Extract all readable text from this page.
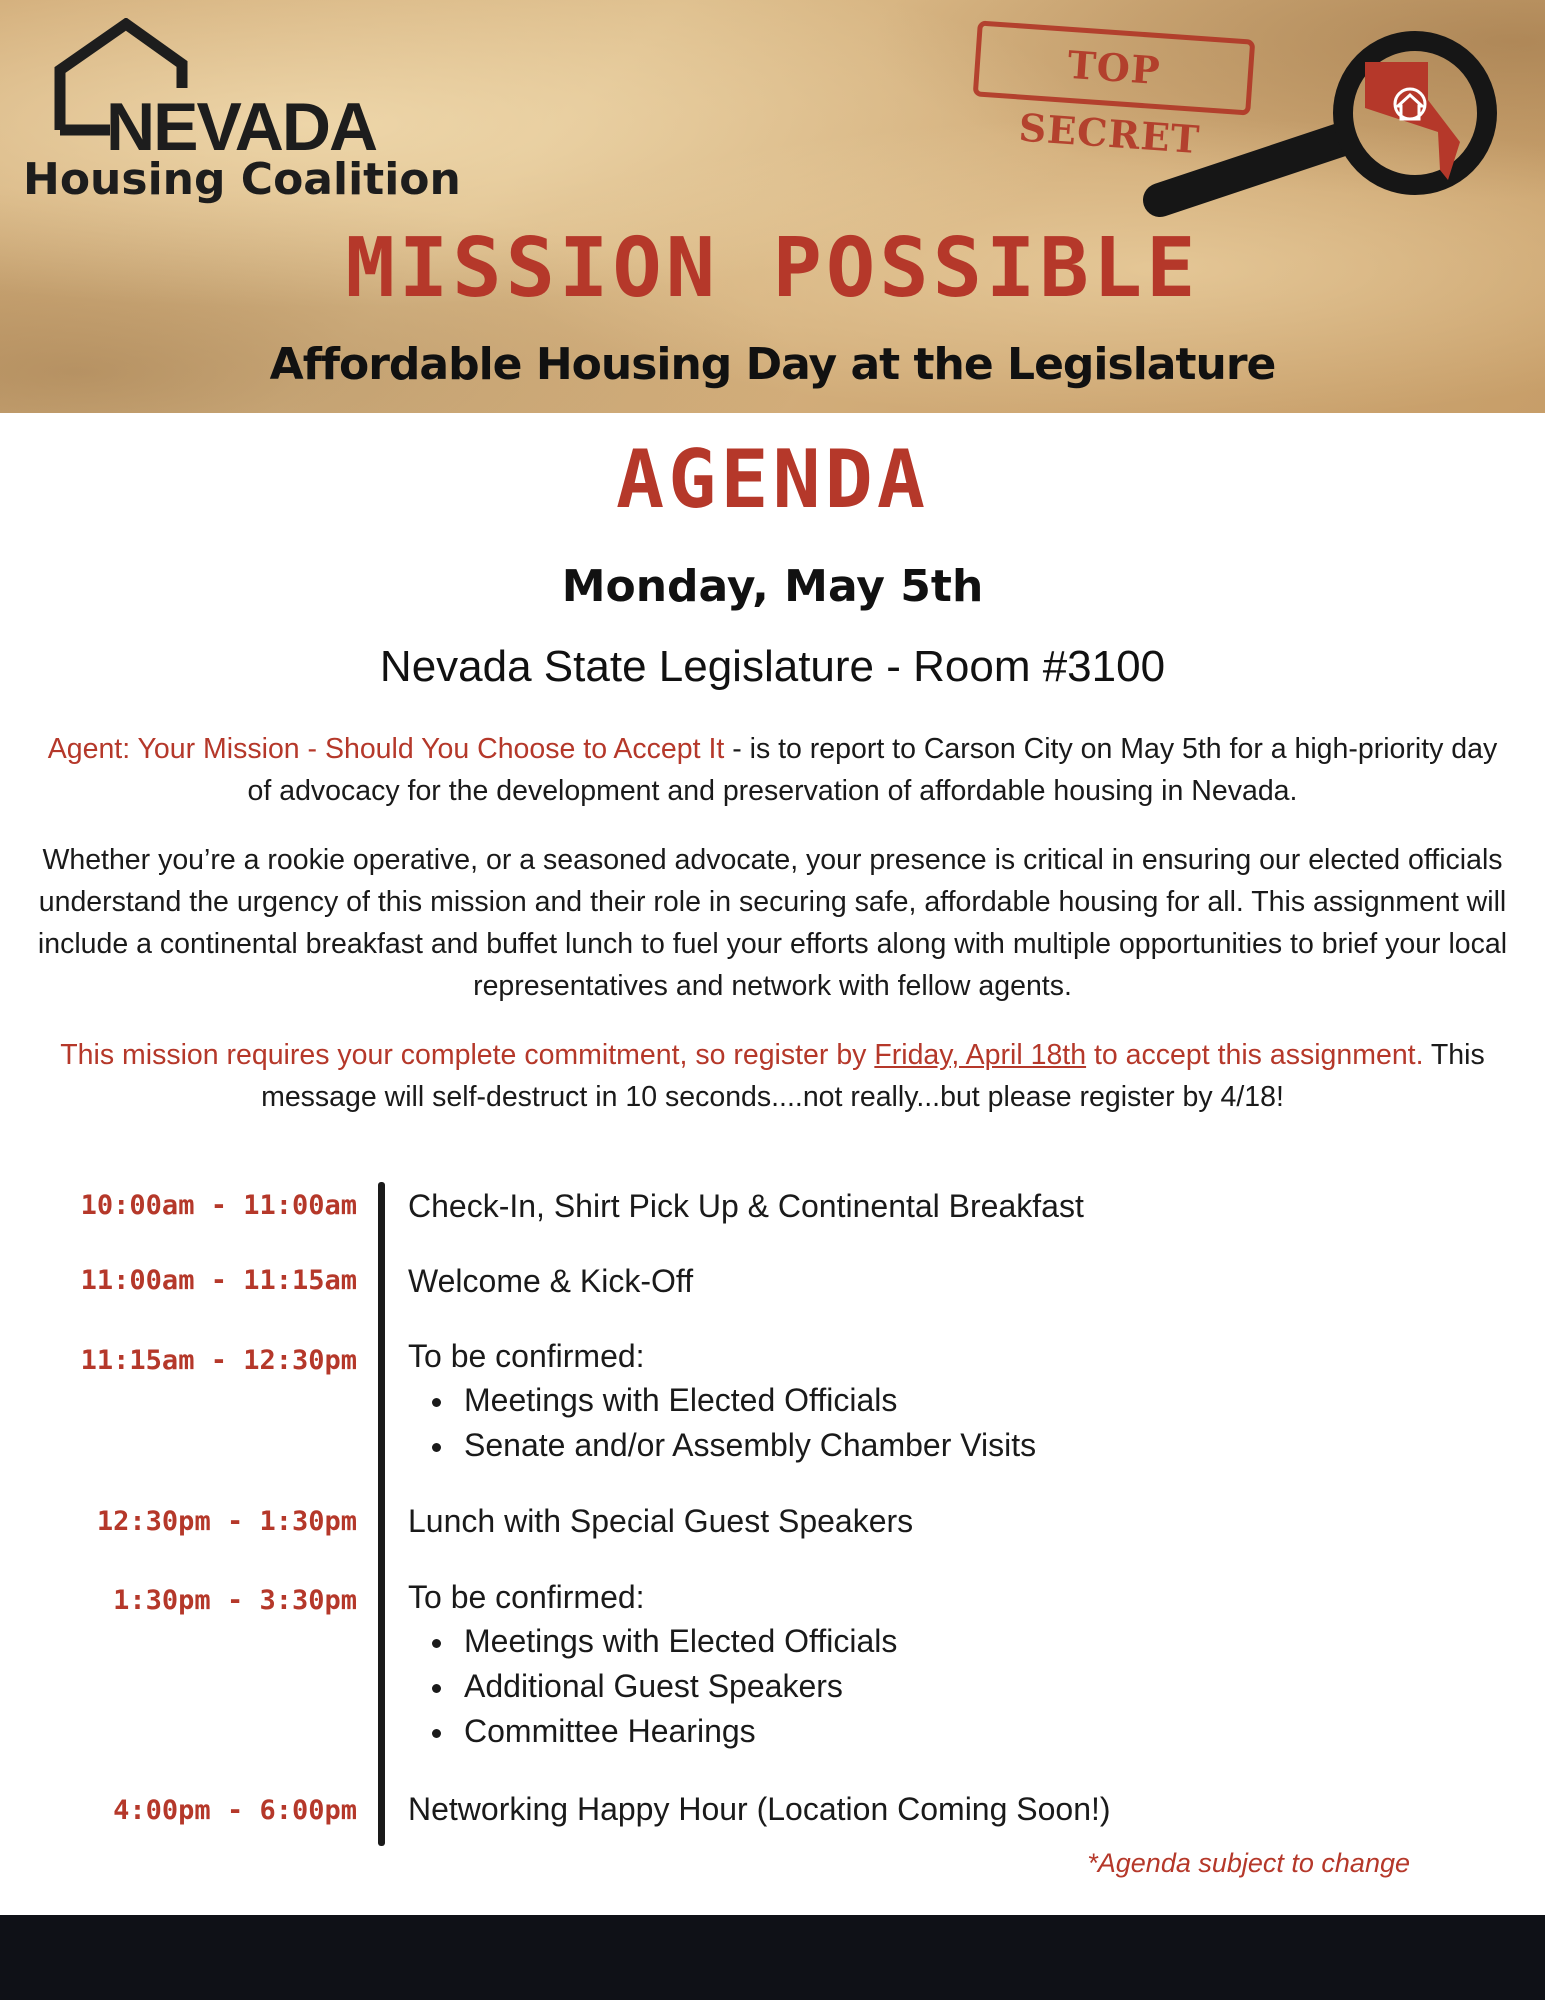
NEVADA
Housing Coalition
TOP SECRET
MISSION POSSIBLE
Affordable Housing Day at the Legislature
AGENDA
Monday, May 5th
Nevada State Legislature - Room #3100
Agent: Your Mission - Should You Choose to Accept It - is to report to Carson City on May 5th for a high-priority day of advocacy for the development and preservation of affordable housing in Nevada.
Whether you’re a rookie operative, or a seasoned advocate, your presence is critical in ensuring our elected officials understand the urgency of this mission and their role in securing safe, affordable housing for all. This assignment will include a continental breakfast and buffet lunch to fuel your efforts along with multiple opportunities to brief your local representatives and network with fellow agents.
This mission requires your complete commitment, so register by Friday, April 18th to accept this assignment. This message will self-destruct in 10 seconds....not really...but please register by 4/18!
10:00am - 11:00am Check-In, Shirt Pick Up & Continental Breakfast
11:00am - 11:15am Welcome & Kick-Off
11:15am - 12:30pm To be confirmed:
Meetings with Elected Officials
Senate and/or Assembly Chamber Visits
12:30pm - 1:30pm Lunch with Special Guest Speakers
1:30pm - 3:30pm To be confirmed:
Meetings with Elected Officials
Additional Guest Speakers
Committee Hearings
4:00pm - 6:00pm Networking Happy Hour (Location Coming Soon!)
*Agenda subject to change
